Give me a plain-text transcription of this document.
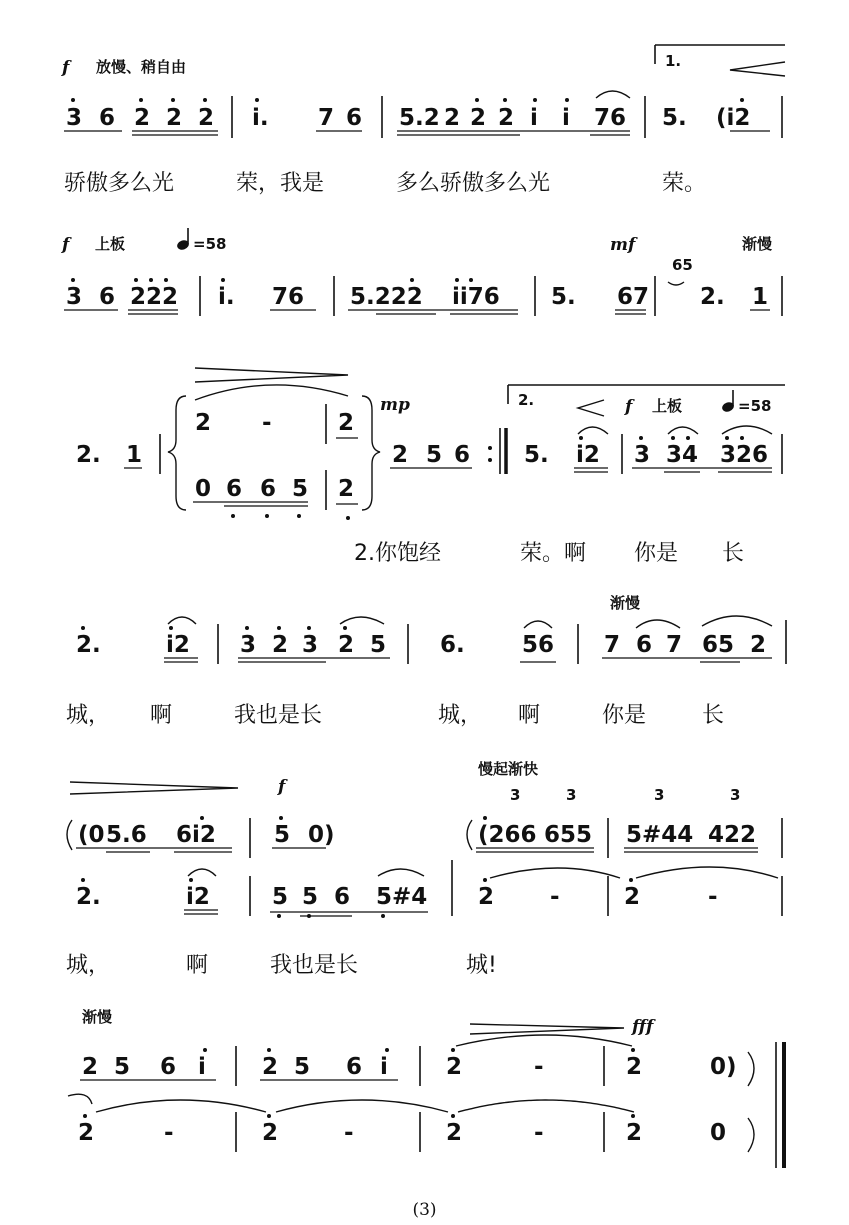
f 放慢、稍自由	1.
3 6 2 2 2 i. 7 6 5.2 2 2 2 i i 76 5. (i2
骄傲多么光	荣，我是	多么骄傲多么光	荣。
f 上板	=58	mf	渐慢
3 6 222 i. 76 5.222 ii76 5. 67
65
2. 1
2. 1
2 -	2
0 6 6 5 2
mp
2 5 6
2.	f 上板	=58
5. i2 3 34 326
2.你饱经	荣。啊 你是 长
渐慢
2.	i2 3 2 3 2 5 6. 56 7 6 7 65 2
城， 啊	我也是长	城， 啊	你是	长
f
慢起渐快
(0 5.6 6i2	5 0)
2.	i2	5 5 6 5#4
3	3	3	3
(266 655 5#44 422
2 -	2	-
城，	啊	我也是长	城!
渐慢	fff
2 5 6 i 2 5 6 i	2	-	2	0)
2	-	2	-	2	-	2	0
(3)
